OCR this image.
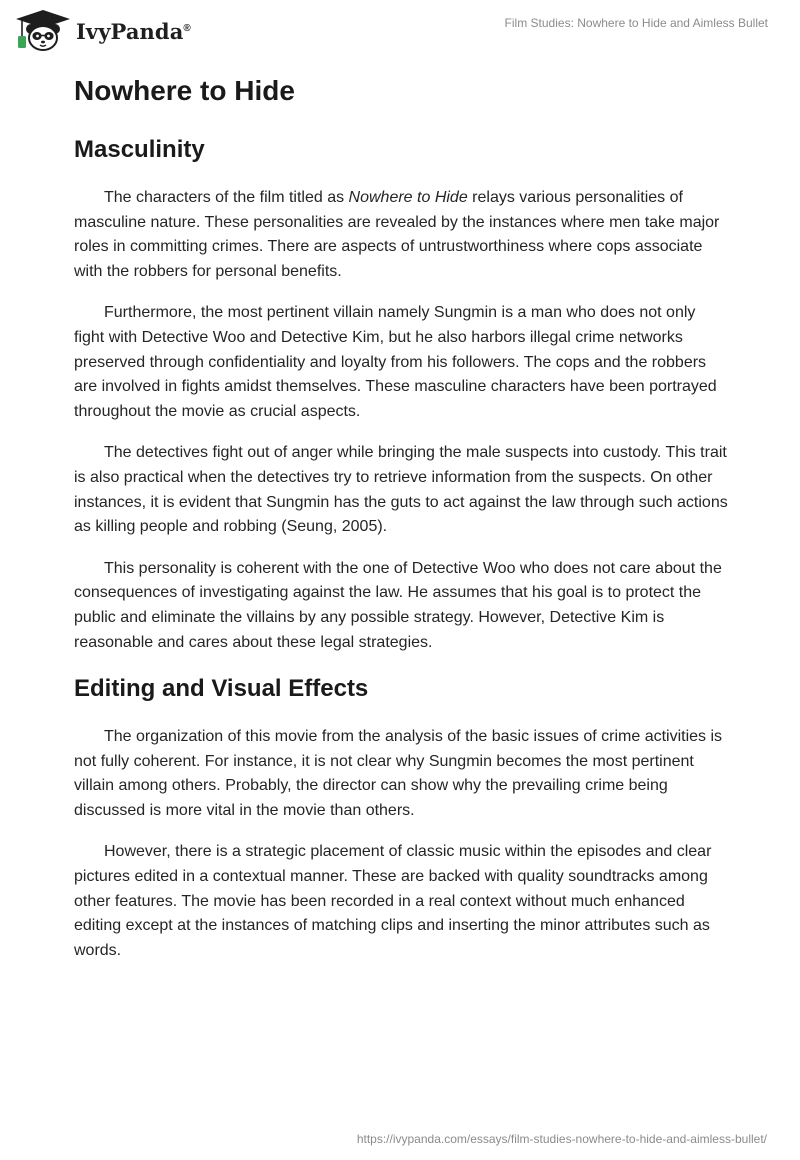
IvyPanda®	Film Studies: Nowhere to Hide and Aimless Bullet
Nowhere to Hide
Masculinity

The characters of the film titled as Nowhere to Hide relays various personalities of masculine nature. These personalities are revealed by the instances where men take major roles in committing crimes. There are aspects of untrustworthiness where cops associate with the robbers for personal benefits.

Furthermore, the most pertinent villain namely Sungmin is a man who does not only fight with Detective Woo and Detective Kim, but he also harbors illegal crime networks preserved through confidentiality and loyalty from his followers. The cops and the robbers are involved in fights amidst themselves. These masculine characters have been portrayed throughout the movie as crucial aspects.

The detectives fight out of anger while bringing the male suspects into custody. This trait is also practical when the detectives try to retrieve information from the suspects. On other instances, it is evident that Sungmin has the guts to act against the law through such actions as killing people and robbing (Seung, 2005).

This personality is coherent with the one of Detective Woo who does not care about the consequences of investigating against the law. He assumes that his goal is to protect the public and eliminate the villains by any possible strategy. However, Detective Kim is reasonable and cares about these legal strategies.

Editing and Visual Effects

The organization of this movie from the analysis of the basic issues of crime activities is not fully coherent. For instance, it is not clear why Sungmin becomes the most pertinent villain among others. Probably, the director can show why the prevailing crime being discussed is more vital in the movie than others.

However, there is a strategic placement of classic music within the episodes and clear pictures edited in a contextual manner. These are backed with quality soundtracks among other features. The movie has been recorded in a real context without much enhanced editing except at the instances of matching clips and inserting the minor attributes such as words.

https://ivypanda.com/essays/film-studies-nowhere-to-hide-and-aimless-bullet/
